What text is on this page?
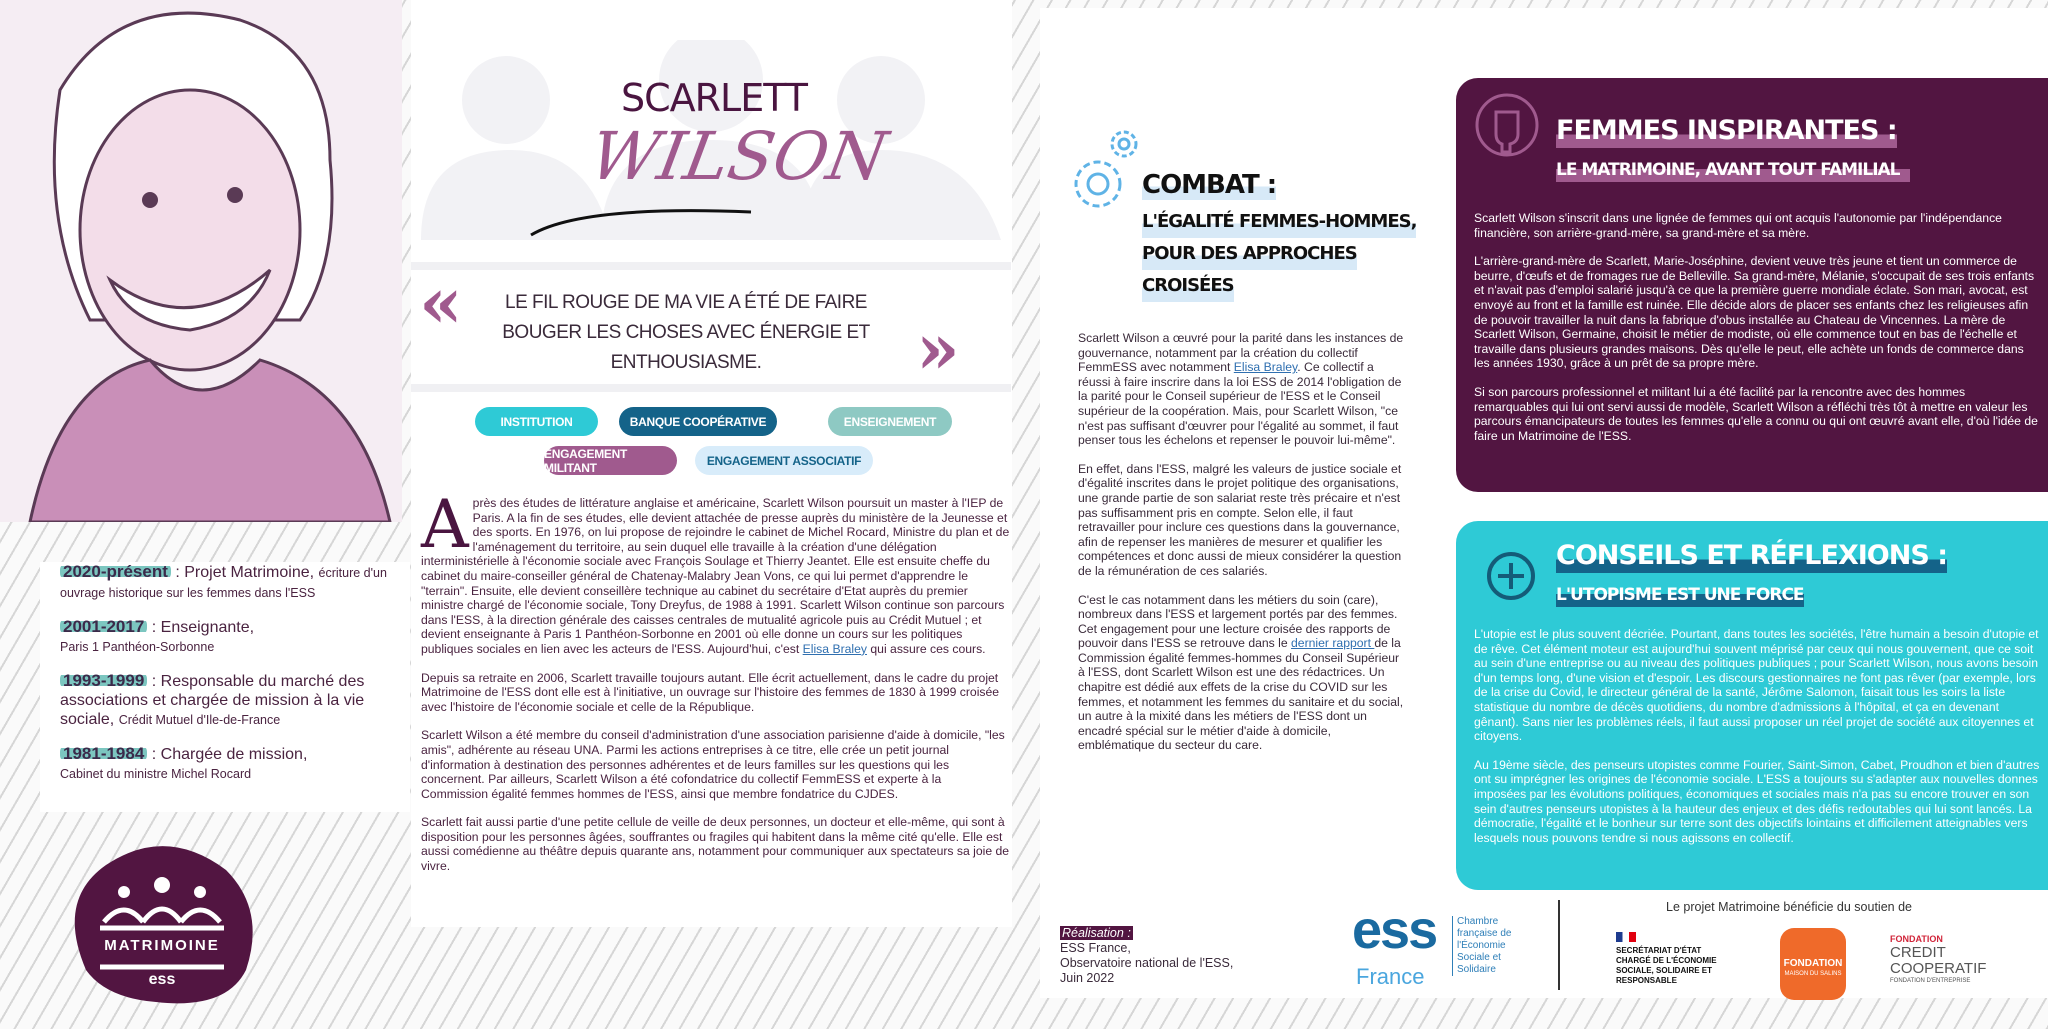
SCARLETT
WILSON
«	LE FIL ROUGE DE MA VIE A ÉTÉ DE FAIRE BOUGER LES CHOSES AVEC ÉNERGIE ET ENTHOUSIASME.	»
INSTITUTION	BANQUE COOPÉRATIVE	ENSEIGNEMENT
ENGAGEMENT MILITANT	ENGAGEMENT ASSOCIATIF

Après des études de littérature anglaise et américaine, Scarlett Wilson poursuit un master à l'IEP de Paris. A la fin de ses études, elle devient attachée de presse auprès du ministère de la Jeunesse et des sports. En 1976, on lui propose de rejoindre le cabinet de Michel Rocard, Ministre du plan et de l'aménagement du territoire, au sein duquel elle travaille à la création d'une délégation interministérielle à l'économie sociale avec François Soulage et Thierry Jeantet. Elle est ensuite cheffe du cabinet du maire-conseiller général de Chatenay-Malabry Jean Vons, ce qui lui permet d'apprendre le "terrain". Ensuite, elle devient conseillère technique au cabinet du secrétaire d'Etat auprès du premier ministre chargé de l'économie sociale, Tony Dreyfus, de 1988 à 1991. Scarlett Wilson continue son parcours dans l'ESS, à la direction générale des caisses centrales de mutualité agricole puis au Crédit Mutuel ; et devient enseignante à Paris 1 Panthéon-Sorbonne en 2001 où elle donne un cours sur les politiques publiques sociales en lien avec les acteurs de l'ESS. Aujourd'hui, c'est Elisa Braley qui assure ces cours.

Depuis sa retraite en 2006, Scarlett travaille toujours autant. Elle écrit actuellement, dans le cadre du projet Matrimoine de l'ESS dont elle est à l'initiative, un ouvrage sur l'histoire des femmes de 1830 à 1999 croisée avec l'histoire de l'économie sociale et celle de la République.

Scarlett Wilson a été membre du conseil d'administration d'une association parisienne d'aide à domicile, "les amis", adhérente au réseau UNA. Parmi les actions entreprises à ce titre, elle crée un petit journal d'information à destination des personnes adhérentes et de leurs familles sur les questions qui les concernent. Par ailleurs, Scarlett Wilson a été cofondatrice du collectif FemmESS et experte à la Commission égalité femmes hommes de l'ESS, ainsi que membre fondatrice du CJDES.

Scarlett fait aussi partie d'une petite cellule de veille de deux personnes, un docteur et elle-même, qui sont à disposition pour les personnes âgées, souffrantes ou fragiles qui habitent dans la même cité qu'elle. Elle est aussi comédienne au théâtre depuis quarante ans, notamment pour communiquer aux spectateurs sa joie de vivre.

2020-présent : Projet Matrimoine, écriture d'un ouvrage historique sur les femmes dans l'ESS
2001-2017 : Enseignante,
Paris 1 Panthéon-Sorbonne
1993-1999 : Responsable du marché des associations et chargée de mission à la vie sociale, Crédit Mutuel d'Ile-de-France
1981-1984 : Chargée de mission,
Cabinet du ministre Michel Rocard
MATRIMOINE
ess
COMBAT :
L'ÉGALITÉ FEMMES-HOMMES,
POUR DES APPROCHES
CROISÉES

Scarlett Wilson a œuvré pour la parité dans les instances de gouvernance, notamment par la création du collectif FemmESS avec notamment Elisa Braley. Ce collectif a réussi à faire inscrire dans la loi ESS de 2014 l'obligation de la parité pour le Conseil supérieur de l'ESS et le Conseil supérieur de la coopération. Mais, pour Scarlett Wilson, "ce n'est pas suffisant d'œuvrer pour l'égalité au sommet, il faut penser tous les échelons et repenser le pouvoir lui-même".

En effet, dans l'ESS, malgré les valeurs de justice sociale et d'égalité inscrites dans le projet politique des organisations, une grande partie de son salariat reste très précaire et n'est pas suffisamment pris en compte. Selon elle, il faut retravailler pour inclure ces questions dans la gouvernance, afin de repenser les manières de mesurer et qualifier les compétences et donc aussi de mieux considérer la question de la rémunération de ces salariés.

C'est le cas notamment dans les métiers du soin (care), nombreux dans l'ESS et largement portés par des femmes. Cet engagement pour une lecture croisée des rapports de pouvoir dans l'ESS se retrouve dans le dernier rapport de la Commission égalité femmes-hommes du Conseil Supérieur à l'ESS, dont Scarlett Wilson est une des rédactrices. Un chapitre est dédié aux effets de la crise du COVID sur les femmes, et notamment les femmes du sanitaire et du social, un autre à la mixité dans les métiers de l'ESS dont un encadré spécial sur le métier d'aide à domicile, emblématique du secteur du care.

FEMMES INSPIRANTES :
LE MATRIMOINE, AVANT TOUT FAMILIAL

Scarlett Wilson s'inscrit dans une lignée de femmes qui ont acquis l'autonomie par l'indépendance financière, son arrière-grand-mère, sa grand-mère et sa mère.

L'arrière-grand-mère de Scarlett, Marie-Joséphine, devient veuve très jeune et tient un commerce de beurre, d'œufs et de fromages rue de Belleville. Sa grand-mère, Mélanie, s'occupait de ses trois enfants et n'avait pas d'emploi salarié jusqu'à ce que la première guerre mondiale éclate. Son mari, avocat, est envoyé au front et la famille est ruinée. Elle décide alors de placer ses enfants chez les religieuses afin de pouvoir travailler la nuit dans la fabrique d'obus installée au Chateau de Vincennes. La mère de Scarlett Wilson, Germaine, choisit le métier de modiste, où elle commence tout en bas de l'échelle et travaille dans plusieurs grandes maisons. Dès qu'elle le peut, elle achète un fonds de commerce dans les années 1930, grâce à un prêt de sa propre mère.

Si son parcours professionnel et militant lui a été facilité par la rencontre avec des hommes remarquables qui lui ont servi aussi de modèle, Scarlett Wilson a réfléchi très tôt à mettre en valeur les parcours émancipateurs de toutes les femmes qu'elle a connu ou qui ont œuvré avant elle, d'où l'idée de faire un Matrimoine de l'ESS.

CONSEILS ET RÉFLEXIONS :
L'UTOPISME EST UNE FORCE

L'utopie est le plus souvent décriée. Pourtant, dans toutes les sociétés, l'être humain a besoin d'utopie et de rêve. Cet élément moteur est aujourd'hui souvent méprisé par ceux qui nous gouvernent, que ce soit au sein d'une entreprise ou au niveau des politiques publiques ; pour Scarlett Wilson, nous avons besoin d'un temps long, d'une vision et d'espoir. Les discours gestionnaires ne font pas rêver (par exemple, lors de la crise du Covid, le directeur général de la santé, Jérôme Salomon, faisait tous les soirs la liste statistique du nombre de décès quotidiens, du nombre d'admissions à l'hôpital, et ça en devenant gênant). Sans nier les problèmes réels, il faut aussi proposer un réel projet de société aux citoyennes et citoyens.

Au 19ème siècle, des penseurs utopistes comme Fourier, Saint-Simon, Cabet, Proudhon et bien d'autres ont su imprégner les origines de l'économie sociale. L'ESS a toujours su s'adapter aux nouvelles donnes imposées par les évolutions politiques, économiques et sociales mais n'a pas su encore trouver en son sein d'autres penseurs utopistes à la hauteur des enjeux et des défis redoutables qui lui sont lancés. La démocratie, l'égalité et le bonheur sur terre sont des objectifs lointains et difficilement atteignables vers lesquels nous pouvons tendre si nous agissons en collectif.

Réalisation :
ESS France,
Observatoire national de l'ESS,
Juin 2022
ess
France
Chambre française de l'Économie Sociale et Solidaire
Le projet Matrimoine bénéficie du soutien de
SECRÉTARIAT D'ÉTAT CHARGÉ DE L'ÉCONOMIE SOCIALE, SOLIDAIRE ET RESPONSABLE
FONDATION
MAISON DU SALINS
FONDATION
CREDIT COOPERATIF
FONDATION D'ENTREPRISE
